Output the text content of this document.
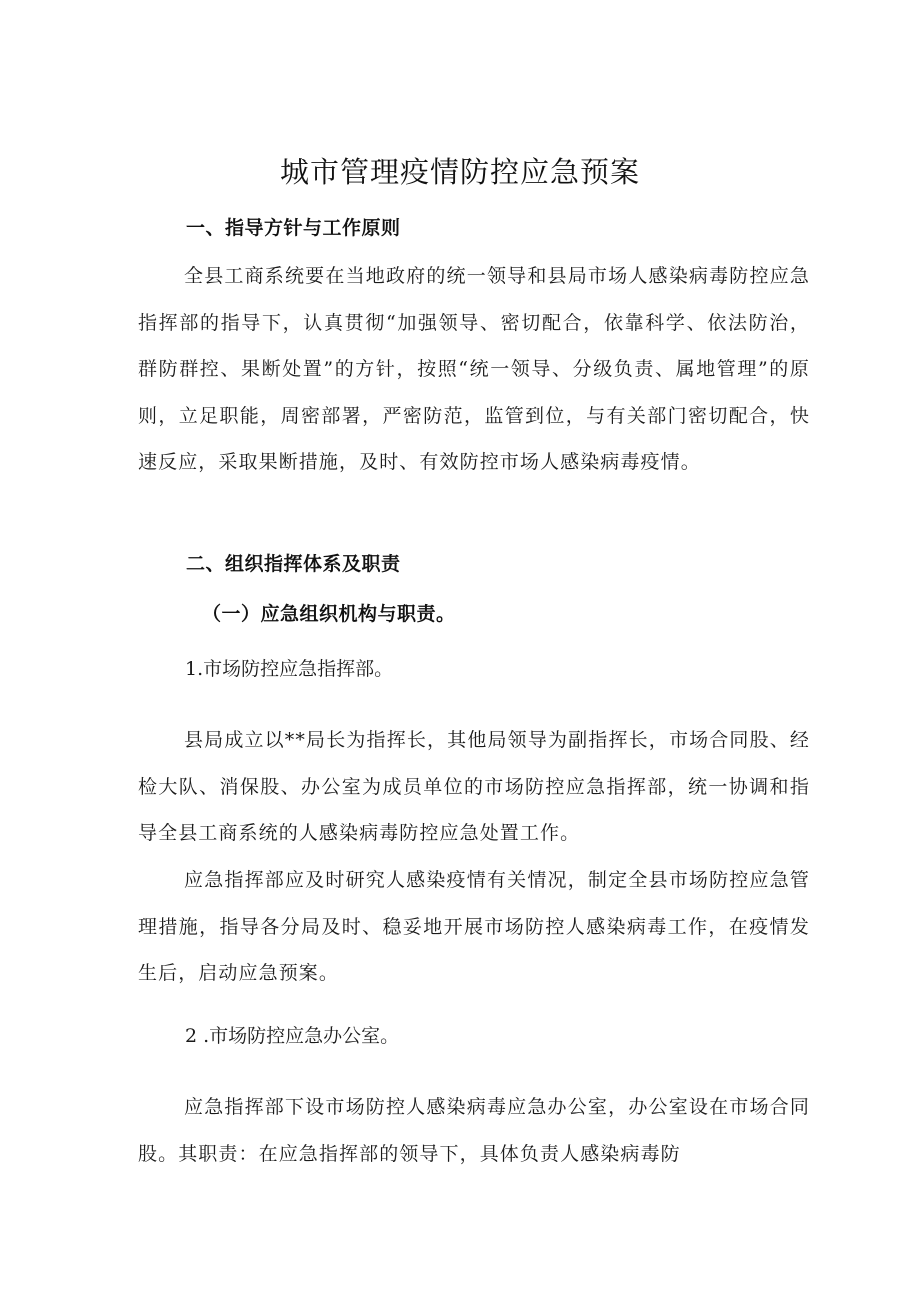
城市管理疫情防控应急预案
一、指导方针与工作原则

全县工商系统要在当地政府的统一领导和县局市场人感染病毒防控应急指挥部的指导下，认真贯彻“加强领导、密切配合，依靠科学、依法防治，群防群控、果断处置”的方针，按照“统一领导、分级负责、属地管理”的原则，立足职能，周密部署，严密防范，监管到位，与有关部门密切配合，快速反应，采取果断措施，及时、有效防控市场人感染病毒疫情。

二、组织指挥体系及职责
（一）应急组织机构与职责。
1.市场防控应急指挥部。

县局成立以**局长为指挥长，其他局领导为副指挥长，市场合同股、经检大队、消保股、办公室为成员单位的市场防控应急指挥部，统一协调和指导全县工商系统的人感染病毒防控应急处置工作。

应急指挥部应及时研究人感染疫情有关情况，制定全县市场防控应急管理措施，指导各分局及时、稳妥地开展市场防控人感染病毒工作，在疫情发生后，启动应急预案。

2 .市场防控应急办公室。

应急指挥部下设市场防控人感染病毒应急办公室，办公室设在市场合同股。其职责：在应急指挥部的领导下，具体负责人感染病毒防
